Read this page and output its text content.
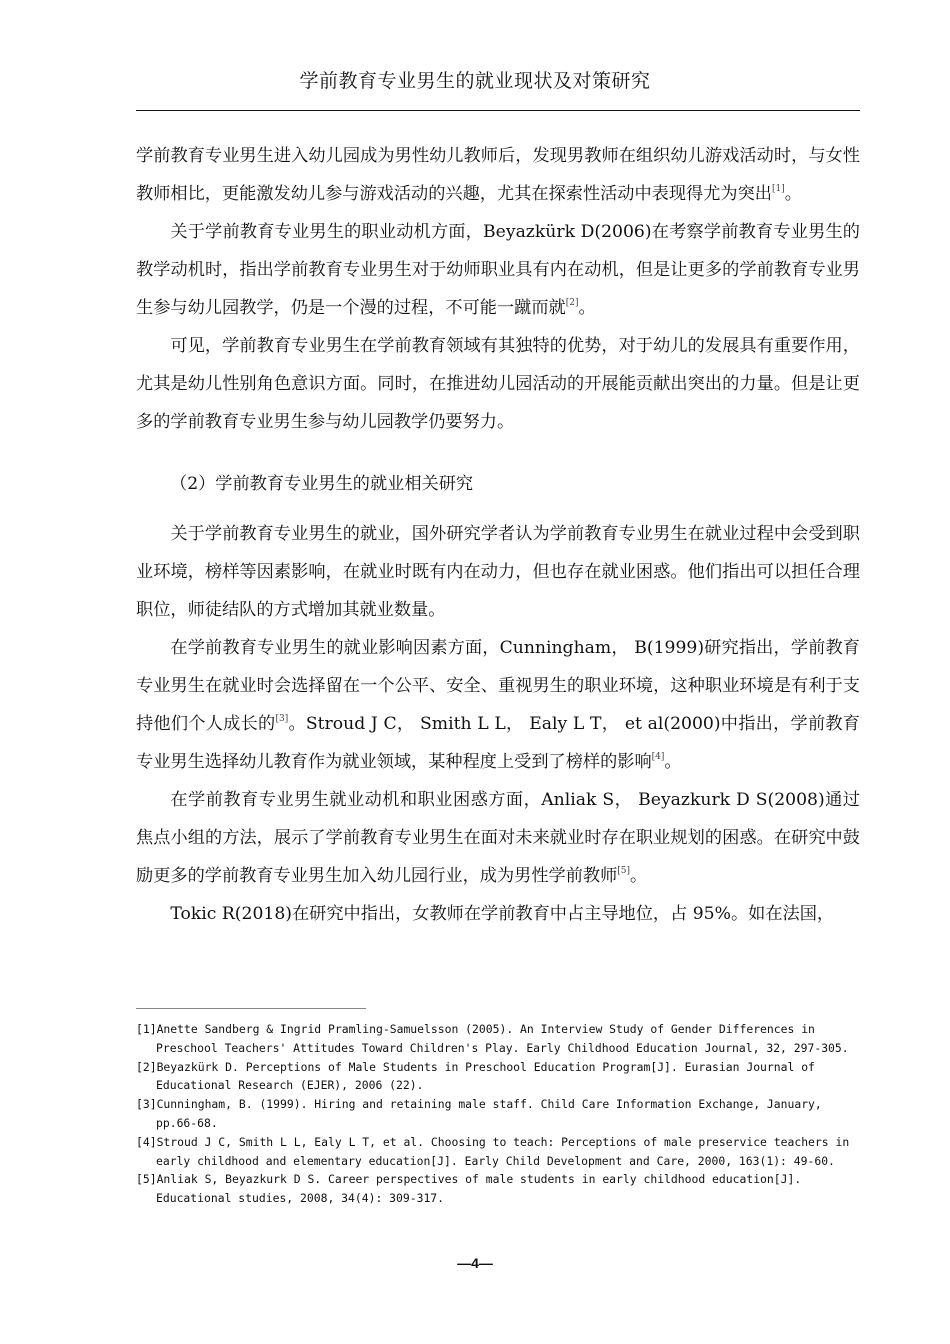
学前教育专业男生的就业现状及对策研究

学前教育专业男生进入幼儿园成为男性幼儿教师后，发现男教师在组织幼儿游戏活动时，与女性教师相比，更能激发幼儿参与游戏活动的兴趣，尤其在探索性活动中表现得尤为突出[1]。

关于学前教育专业男生的职业动机方面，Beyazkürk D(2006)在考察学前教育专业男生的教学动机时，指出学前教育专业男生对于幼师职业具有内在动机，但是让更多的学前教育专业男生参与幼儿园教学，仍是一个漫的过程，不可能一蹴而就[2]。

可见，学前教育专业男生在学前教育领域有其独特的优势，对于幼儿的发展具有重要作用，尤其是幼儿性别角色意识方面。同时，在推进幼儿园活动的开展能贡献出突出的力量。但是让更多的学前教育专业男生参与幼儿园教学仍要努力。

（2）学前教育专业男生的就业相关研究

关于学前教育专业男生的就业，国外研究学者认为学前教育专业男生在就业过程中会受到职业环境，榜样等因素影响，在就业时既有内在动力，但也存在就业困惑。他们指出可以担任合理职位，师徒结队的方式增加其就业数量。

在学前教育专业男生的就业影响因素方面，Cunningham， B(1999)研究指出，学前教育专业男生在就业时会选择留在一个公平、安全、重视男生的职业环境，这种职业环境是有利于支持他们个人成长的[3]。Stroud J C， Smith L L， Ealy L T， et al(2000)中指出，学前教育专业男生选择幼儿教育作为就业领域，某种程度上受到了榜样的影响[4]。

在学前教育专业男生就业动机和职业困惑方面，Anliak S， Beyazkurk D S(2008)通过焦点小组的方法，展示了学前教育专业男生在面对未来就业时存在职业规划的困惑。在研究中鼓励更多的学前教育专业男生加入幼儿园行业，成为男性学前教师[5]。

Tokic R(2018)在研究中指出，女教师在学前教育中占主导地位，占 95%。如在法国，

[1]Anette Sandberg & Ingrid Pramling-Samuelsson (2005). An Interview Study of Gender Differences in Preschool Teachers' Attitudes Toward Children's Play. Early Childhood Education Journal, 32, 297-305.
[2]Beyazkürk D. Perceptions of Male Students in Preschool Education Program[J]. Eurasian Journal of Educational Research (EJER), 2006 (22).
[3]Cunningham, B. (1999). Hiring and retaining male staff. Child Care Information Exchange, January, pp.66-68.
[4]Stroud J C, Smith L L, Ealy L T, et al. Choosing to teach: Perceptions of male preservice teachers in early childhood and elementary education[J]. Early Child Development and Care, 2000, 163(1): 49-60.
[5]Anliak S, Beyazkurk D S. Career perspectives of male students in early childhood education[J]. Educational studies, 2008, 34(4): 309-317.
—4—
